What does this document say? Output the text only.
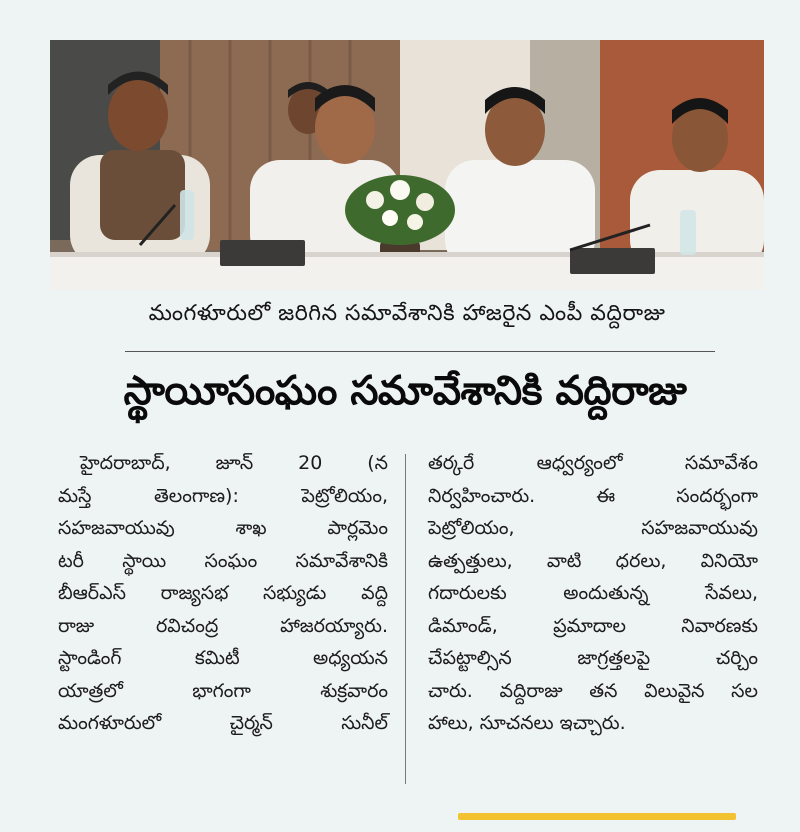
మంగళూరులో జరిగిన సమావేశానికి హాజరైన ఎంపీ వద్దిరాజు
స్థాయీసంఘం సమావేశానికి వద్దిరాజు
హైదరాబాద్, జూన్ 20 (న
మస్తే తెలంగాణ): పెట్రోలియం,
సహజవాయువు శాఖ పార్లమెం
టరీ స్థాయి సంఘం సమావేశానికి
బీఆర్ఎస్ రాజ్యసభ సభ్యుడు వద్ది
రాజు రవిచంద్ర హాజరయ్యారు.
స్టాండింగ్ కమిటీ అధ్యయన
యాత్రలో భాగంగా శుక్రవారం
మంగళూరులో చైర్మన్ సునీల్
తర్కరే ఆధ్వర్యంలో సమావేశం
నిర్వహించారు. ఈ సందర్భంగా
పెట్రోలియం, సహజవాయువు
ఉత్పత్తులు, వాటి ధరలు, వినియో
గదారులకు అందుతున్న సేవలు,
డిమాండ్, ప్రమాదాల నివారణకు
చేపట్టాల్సిన జాగ్రత్తలపై చర్చిం
చారు. వద్దిరాజు తన విలువైన సల
హాలు, సూచనలు ఇచ్చారు.
